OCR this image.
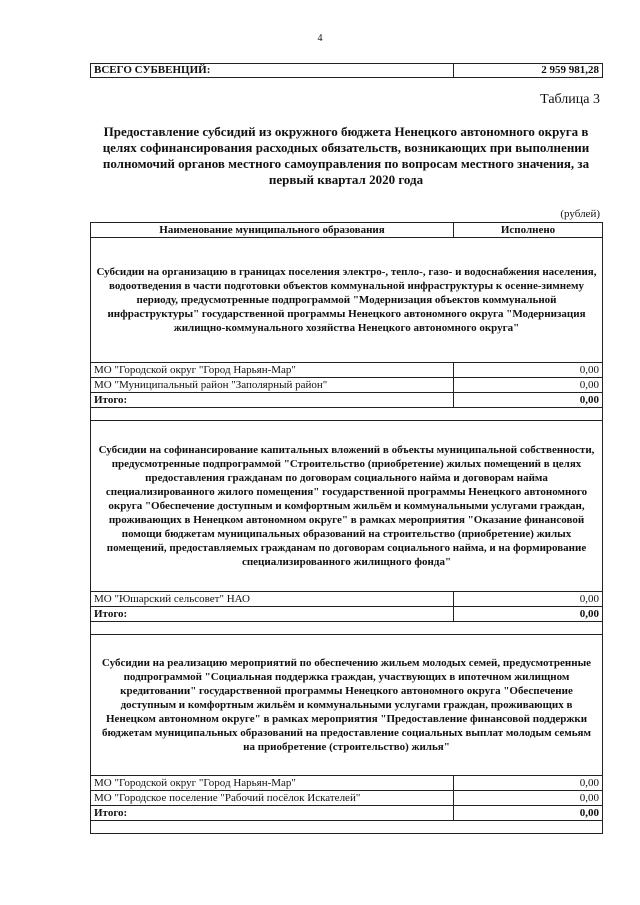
4
ВСЕГО СУБВЕНЦИЙ:	2 959 981,28
Таблица 3
Предоставление субсидий из окружного бюджета Ненецкого автономного округа в целях софинансирования расходных обязательств, возникающих при выполнении полномочий органов местного самоуправления по вопросам местного значения, за первый квартал 2020 года
(рублей)
Наименование муниципального образования	Исполнено
Субсидии на организацию в границах поселения электро-, тепло-, газо- и водоснабжения населения, водоотведения в части подготовки объектов коммунальной инфраструктуры к осенне-зимнему периоду, предусмотренные подпрограммой "Модернизация объектов коммунальной инфраструктуры" государственной программы Ненецкого автономного округа "Модернизация жилищно-коммунального хозяйства Ненецкого автономного округа"	
МО "Городской округ "Город Нарьян-Мар"	0,00
МО "Муниципальный район "Заполярный район"	0,00
Итого:	0,00

Субсидии на софинансирование капитальных вложений в объекты муниципальной собственности, предусмотренные подпрограммой "Строительство (приобретение) жилых помещений в целях предоставления гражданам по договорам социального найма и договорам найма специализированного жилого помещения" государственной программы Ненецкого автономного округа "Обеспечение доступным и комфортным жильём и коммунальными услугами граждан, проживающих в Ненецком автономном округе" в рамках мероприятия "Оказание финансовой помощи бюджетам муниципальных образований на строительство (приобретение) жилых помещений, предоставляемых гражданам по договорам социального найма, и на формирование специализированного жилищного фонда"	
МО "Юшарский сельсовет" НАО	0,00
Итого:	0,00

Субсидии на реализацию мероприятий по обеспечению жильем молодых семей, предусмотренные подпрограммой "Социальная поддержка граждан, участвующих в ипотечном жилищном кредитовании" государственной программы Ненецкого автономного округа "Обеспечение доступным и комфортным жильём и коммунальными услугами граждан, проживающих в Ненецком автономном округе" в рамках мероприятия "Предоставление финансовой поддержки бюджетам муниципальных образований на предоставление социальных выплат молодым семьям на приобретение (строительство) жилья"	
МО "Городской округ "Город Нарьян-Мар"	0,00
МО "Городское поселение "Рабочий посёлок Искателей"	0,00
Итого:	0,00
